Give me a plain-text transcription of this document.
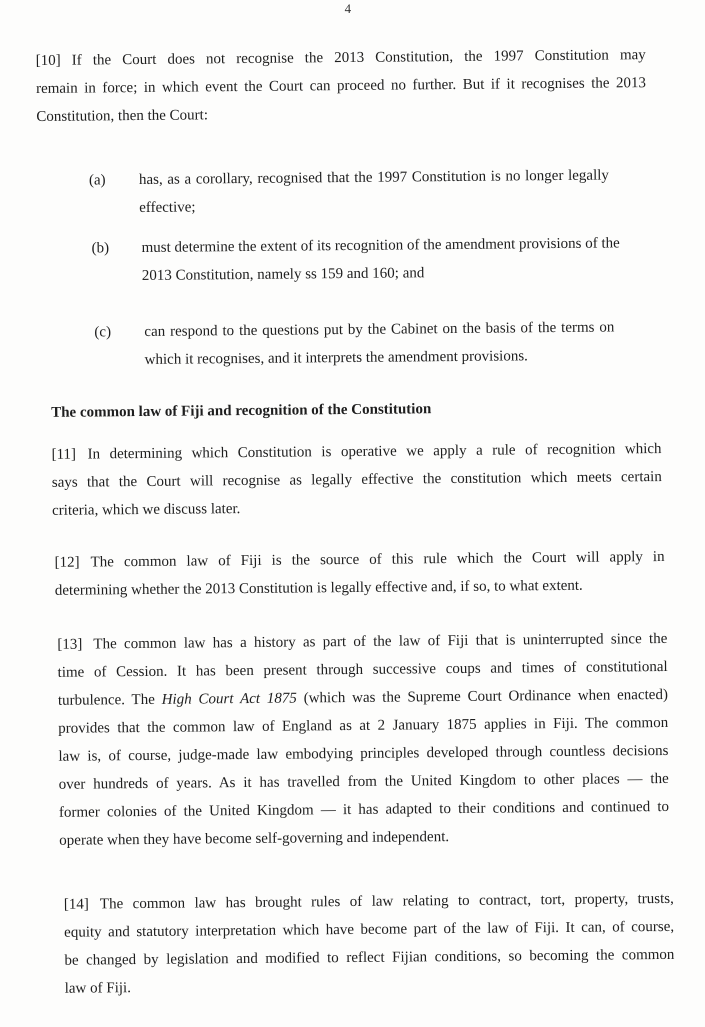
4
[10] If the Court does not recognise the 2013 Constitution, the 1997 Constitution may
remain in force; in which event the Court can proceed no further. But if it recognises the 2013
Constitution, then the Court:
(a) has, as a corollary, recognised that the 1997 Constitution is no longer legally
effective;
(b) must determine the extent of its recognition of the amendment provisions of the
2013 Constitution, namely ss 159 and 160; and
(c) can respond to the questions put by the Cabinet on the basis of the terms on
which it recognises, and it interprets the amendment provisions.
The common law of Fiji and recognition of the Constitution
[11] In determining which Constitution is operative we apply a rule of recognition which
says that the Court will recognise as legally effective the constitution which meets certain
criteria, which we discuss later.
[12] The common law of Fiji is the source of this rule which the Court will apply in
determining whether the 2013 Constitution is legally effective and, if so, to what extent.
[13] The common law has a history as part of the law of Fiji that is uninterrupted since the
time of Cession. It has been present through successive coups and times of constitutional
turbulence. The High Court Act 1875 (which was the Supreme Court Ordinance when enacted)
provides that the common law of England as at 2 January 1875 applies in Fiji. The common
law is, of course, judge-made law embodying principles developed through countless decisions
over hundreds of years. As it has travelled from the United Kingdom to other places — the
former colonies of the United Kingdom — it has adapted to their conditions and continued to
operate when they have become self-governing and independent.
[14] The common law has brought rules of law relating to contract, tort, property, trusts,
equity and statutory interpretation which have become part of the law of Fiji. It can, of course,
be changed by legislation and modified to reflect Fijian conditions, so becoming the common
law of Fiji.
